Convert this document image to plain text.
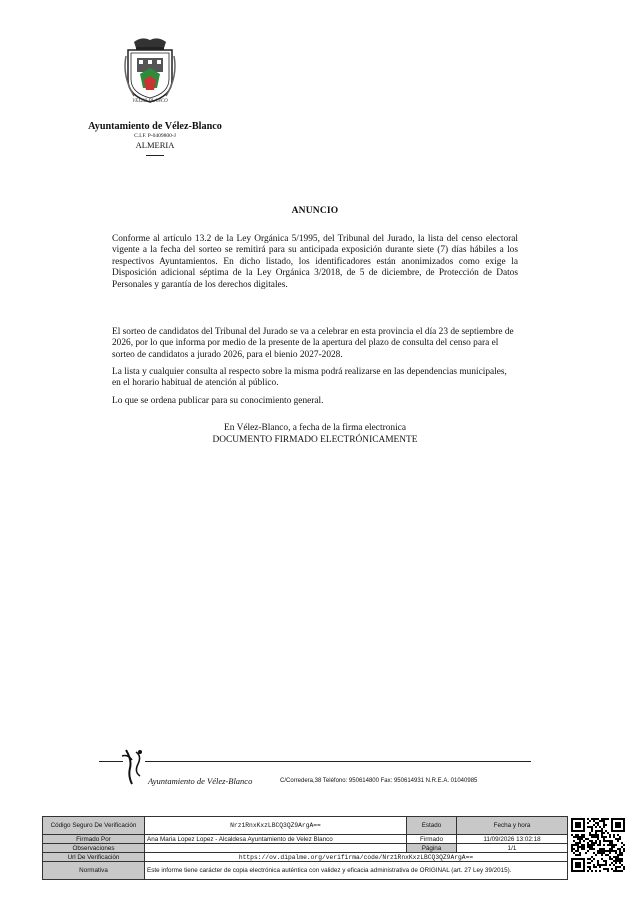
VÉLEZ-BLANCO
Ayuntamiento de Vélez-Blanco
C.I.F. P-0409800-J
ALMERIA
ANUNCIO
Conforme al artículo 13.2 de la Ley Orgánica 5/1995, del Tribunal del Jurado, la lista del censo electoral vigente a la fecha del sorteo se remitirá para su anticipada exposición durante siete (7) días hábiles a los respectivos Ayuntamientos. En dicho listado, los identificadores están anonimizados como exige la Disposición adicional séptima de la Ley Orgánica 3/2018, de 5 de diciembre, de Protección de Datos Personales y garantía de los derechos digitales.
El sorteo de candidatos del Tribunal del Jurado se va a celebrar en esta provincia el día 23 de septiembre de 2026, por lo que informa por medio de la presente de la apertura del plazo de consulta del censo para el sorteo de candidatos a jurado 2026, para el bienio 2027-2028.
La lista y cualquier consulta al respecto sobre la misma podrá realizarse en las dependencias municipales, en el horario habitual de atención al público.
Lo que se ordena publicar para su conocimiento general.
En Vélez-Blanco, a fecha de la firma electronica
DOCUMENTO FIRMADO ELECTRÓNICAMENTE
Ayuntamiento de Vélez-Blanco	C/Corredera,38 Teléfono: 950614800 Fax: 950614931 N.R.E.A. 01040985
Código Seguro De Verificación	Nrz1RnxKxzLBCQ3QZ9ArgA==	Estado	Fecha y hora
Firmado Por	Ana Maria Lopez Lopez - Alcaldesa Ayuntamiento de Velez Blanco	Firmado	11/09/2026 13:02:18
Observaciones		Página	1/1
Url De Verificación	https://ov.dipalme.org/verifirma/code/Nrz1RnxKxzLBCQ3QZ9ArgA==		
Normativa	Este informe tiene carácter de copia electrónica auténtica con validez y eficacia administrativa de ORIGINAL (art. 27 Ley 39/2015).		
